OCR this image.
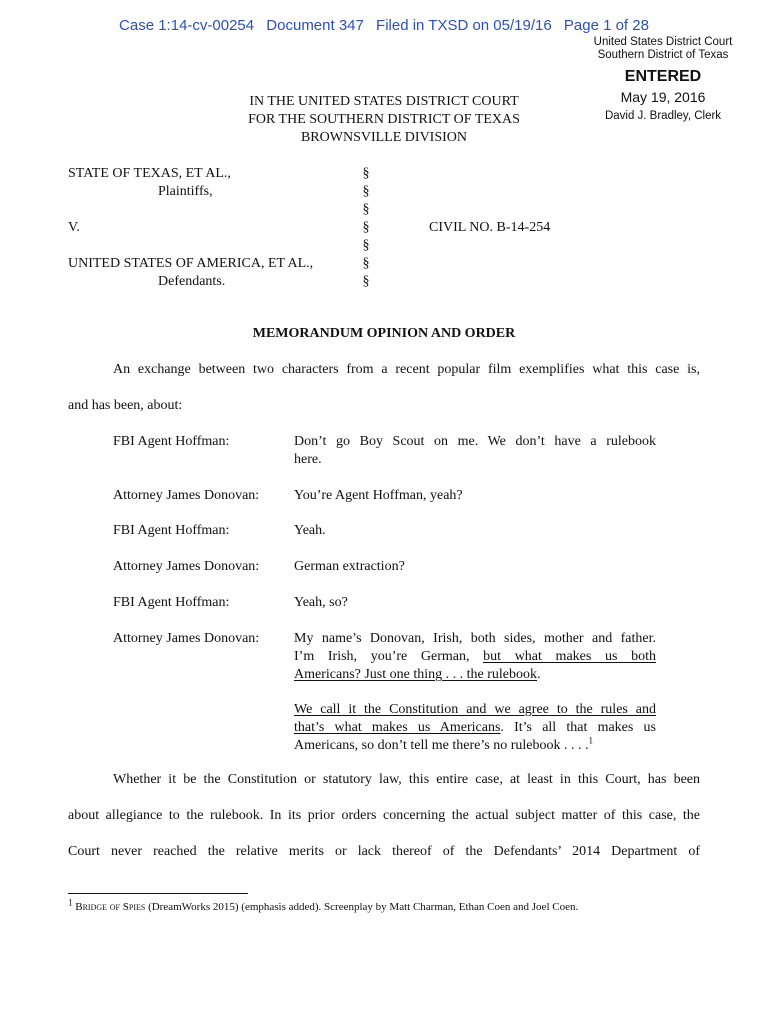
Case 1:14-cv-00254 Document 347 Filed in TXSD on 05/19/16 Page 1 of 28
United States District Court
Southern District of Texas
ENTERED
May 19, 2016
David J. Bradley, Clerk
IN THE UNITED STATES DISTRICT COURT
FOR THE SOUTHERN DISTRICT OF TEXAS
BROWNSVILLE DIVISION
STATE OF TEXAS, ET AL.,
Plaintiffs,
V.
UNITED STATES OF AMERICA, ET AL.,
Defendants.
§
§
§
§
§
§
§
CIVIL NO. B-14-254
MEMORANDUM OPINION AND ORDER
An exchange between two characters from a recent popular film exemplifies what this case is,
and has been, about:
FBI Agent Hoffman:
Attorney James Donovan:
FBI Agent Hoffman:
Attorney James Donovan:
FBI Agent Hoffman:
Attorney James Donovan:
Don’t go Boy Scout on me. We don’t have a rulebook
here.
You’re Agent Hoffman, yeah?
Yeah.
German extraction?
Yeah, so?
My name’s Donovan, Irish, both sides, mother and father.
I’m Irish, you’re German, but what makes us both
Americans? Just one thing . . . the rulebook.
We call it the Constitution and we agree to the rules and
that’s what makes us Americans. It’s all that makes us
Americans, so don’t tell me there’s no rulebook . . . .$^1$
Whether it be the Constitution or statutory law, this entire case, at least in this Court, has been
about allegiance to the rulebook. In its prior orders concerning the actual subject matter of this case, the
Court never reached the relative merits or lack thereof of the Defendants’ 2014 Department of
$^1$ Bridge of Spies (DreamWorks 2015) (emphasis added). Screenplay by Matt Charman, Ethan Coen and Joel Coen.
